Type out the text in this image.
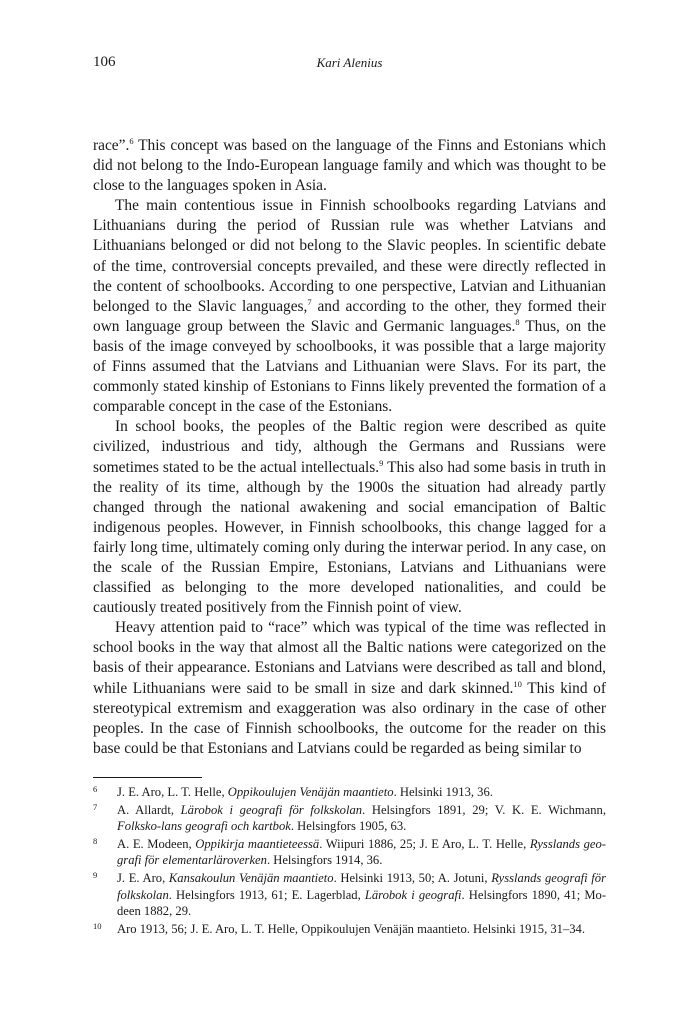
106	Kari Alenius

race”.$^6$ This concept was based on the language of the Finns and Estonians which did not belong to the Indo-European language family and which was thought to be close to the languages spoken in Asia.

The main contentious issue in Finnish schoolbooks regarding Latvians and Lithuanians during the period of Russian rule was whether Latvians and Lithuanians belonged or did not belong to the Slavic peoples. In scientific debate of the time, controversial concepts prevailed, and these were directly reflected in the content of schoolbooks. According to one perspective, Latvian and Lithuanian belonged to the Slavic languages,$^7$ and according to the other, they formed their own language group between the Slavic and Germanic languages.$^8$ Thus, on the basis of the image conveyed by schoolbooks, it was possible that a large majority of Finns assumed that the Latvians and Lithuanian were Slavs. For its part, the commonly stated kinship of Estonians to Finns likely prevented the formation of a comparable concept in the case of the Estonians.

In school books, the peoples of the Baltic region were described as quite civilized, industrious and tidy, although the Germans and Russians were sometimes stated to be the actual intellectuals.$^9$ This also had some basis in truth in the reality of its time, although by the 1900s the situation had already partly changed through the national awakening and social emancipation of Baltic indigenous peoples. However, in Finnish schoolbooks, this change lagged for a fairly long time, ultimately coming only during the interwar period. In any case, on the scale of the Russian Empire, Estonians, Latvians and Lithuanians were classified as belonging to the more developed nationalities, and could be cautiously treated positively from the Finnish point of view.

Heavy attention paid to “race” which was typical of the time was reflected in school books in the way that almost all the Baltic nations were categorized on the basis of their appearance. Estonians and Latvians were described as tall and blond, while Lithuanians were said to be small in size and dark skinned.$^{10}$ This kind of stereotypical extremism and exaggeration was also ordinary in the case of other peoples. In the case of Finnish schoolbooks, the outcome for the reader on this base could be that Estonians and Latvians could be regarded as being similar to

6 J. E. Aro, L. T. Helle, Oppikoulujen Venäjän maantieto. Helsinki 1913, 36.
7 A. Allardt, Lärobok i geografi för folkskolan. Helsingfors 1891, 29; V. K. E. Wichmann, Folksko-lans geografi och kartbok. Helsingfors 1905, 63.
8 A. E. Modeen, Oppikirja maantieteessä. Wiipuri 1886, 25; J. E Aro, L. T. Helle, Rysslands geo-grafi för elementarläroverken. Helsingfors 1914, 36.
9 J. E. Aro, Kansakoulun Venäjän maantieto. Helsinki 1913, 50; A. Jotuni, Rysslands geografi för folkskolan. Helsingfors 1913, 61; E. Lagerblad, Lärobok i geografi. Helsingfors 1890, 41; Mo-deen 1882, 29.
10 Aro 1913, 56; J. E. Aro, L. T. Helle, Oppikoulujen Venäjän maantieto. Helsinki 1915, 31–34.
